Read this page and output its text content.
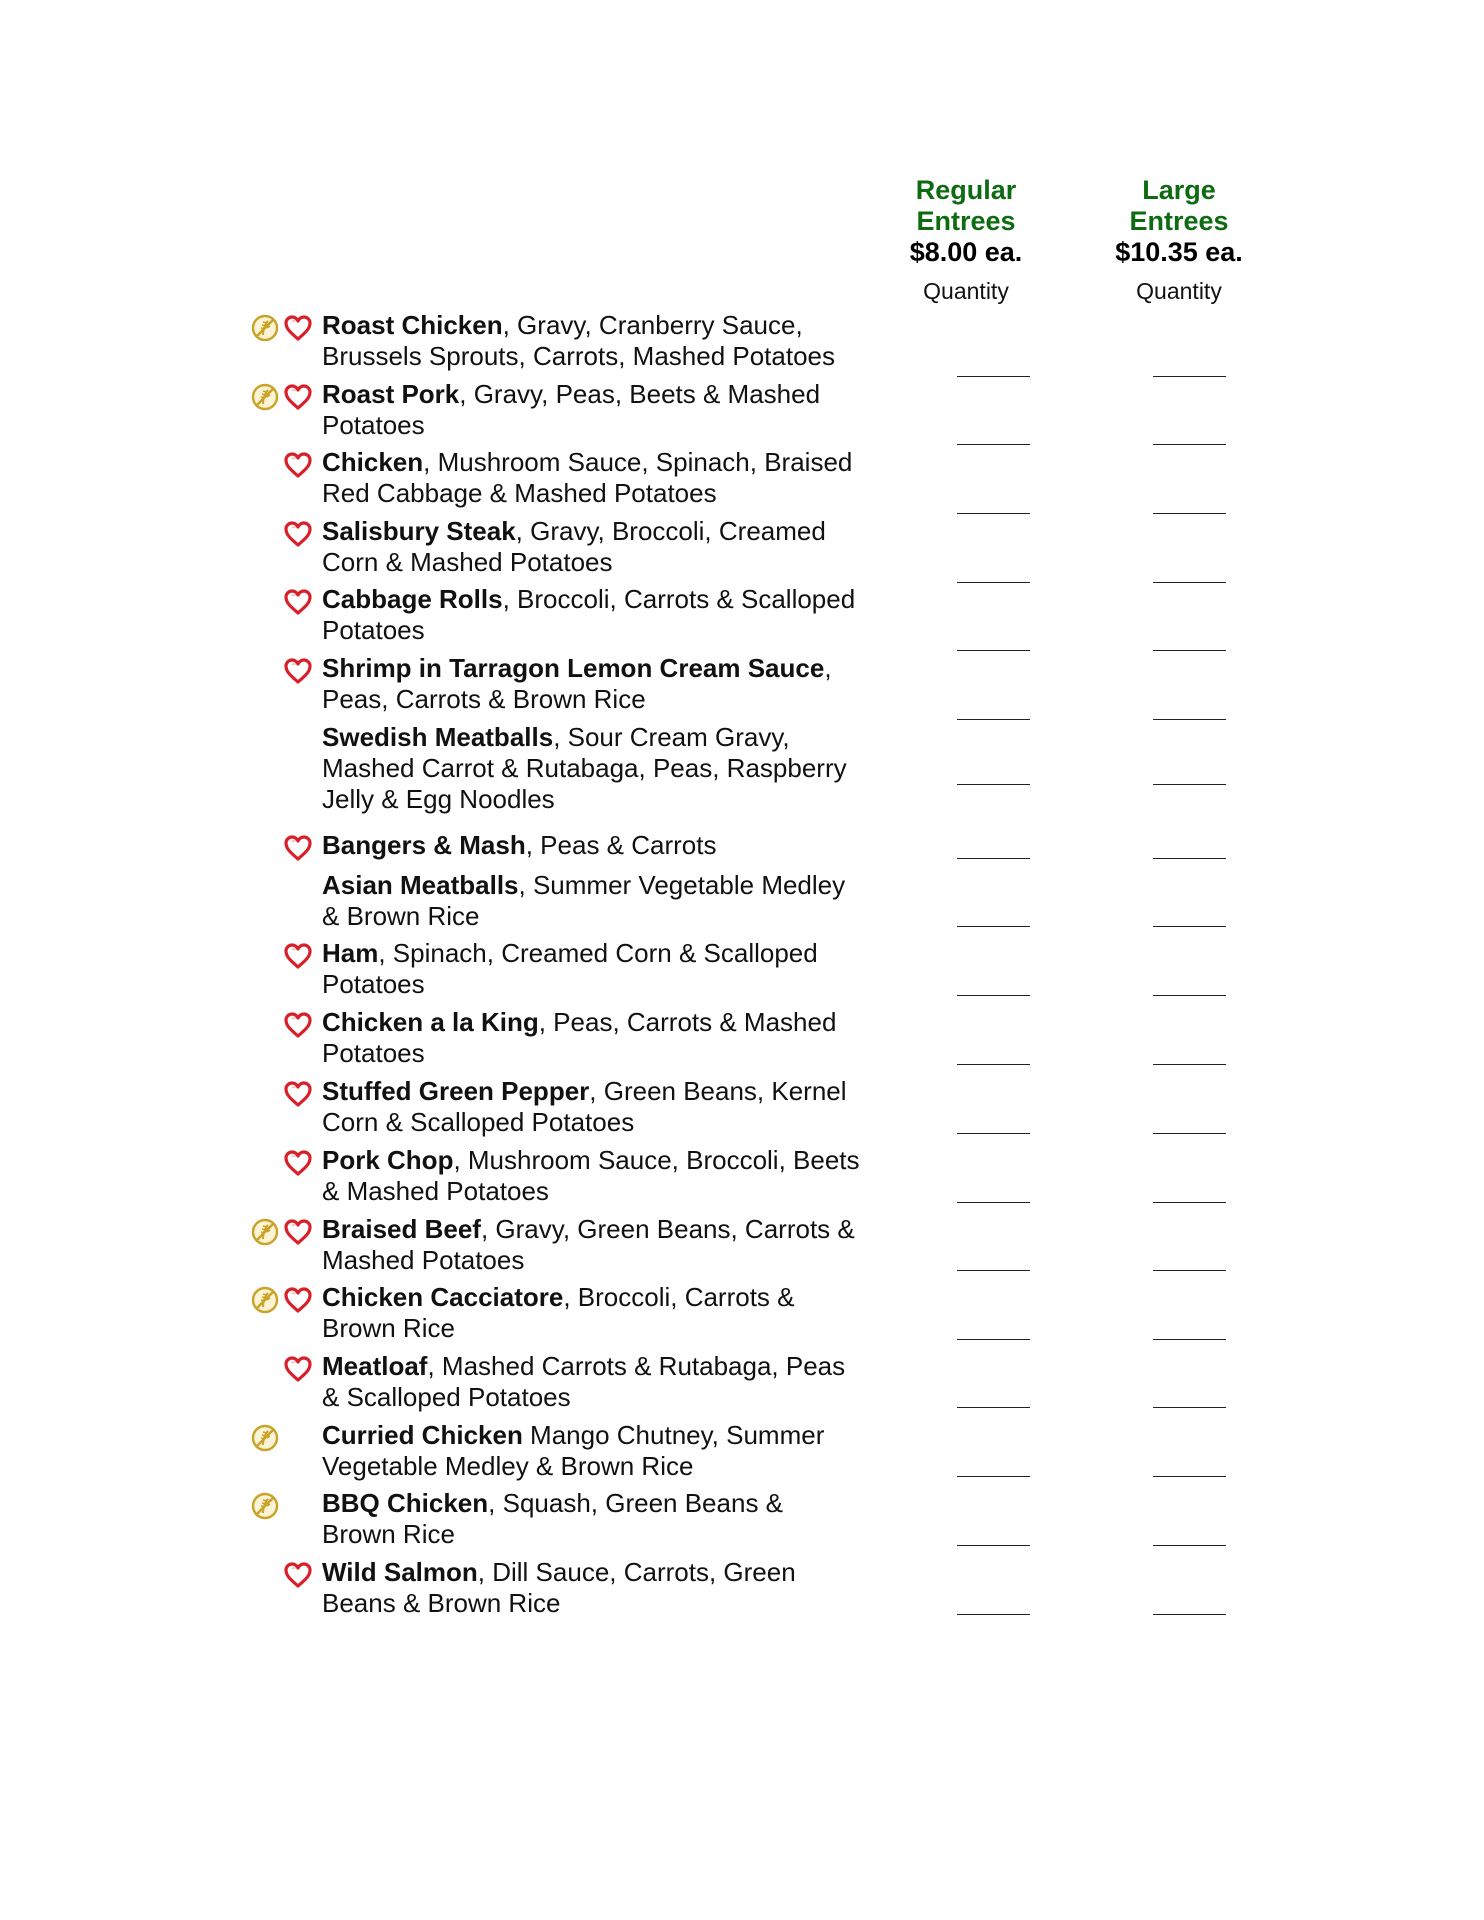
Regular
Entrees
$8.00 ea.
Quantity
Large
Entrees
$10.35 ea.
Quantity

Roast Chicken, Gravy, Cranberry Sauce, Brussels Sprouts, Carrots, Mashed Potatoes

Roast Pork, Gravy, Peas, Beets & Mashed Potatoes

Chicken, Mushroom Sauce, Spinach, Braised Red Cabbage & Mashed Potatoes

Salisbury Steak, Gravy, Broccoli, Creamed Corn & Mashed Potatoes

Cabbage Rolls, Broccoli, Carrots & Scalloped Potatoes

Shrimp in Tarragon Lemon Cream Sauce, Peas, Carrots & Brown Rice

Swedish Meatballs, Sour Cream Gravy, Mashed Carrot & Rutabaga, Peas, Raspberry Jelly & Egg Noodles

Bangers & Mash, Peas & Carrots

Asian Meatballs, Summer Vegetable Medley & Brown Rice

Ham, Spinach, Creamed Corn & Scalloped Potatoes

Chicken a la King, Peas, Carrots & Mashed Potatoes

Stuffed Green Pepper, Green Beans, Kernel Corn & Scalloped Potatoes

Pork Chop, Mushroom Sauce, Broccoli, Beets & Mashed Potatoes

Braised Beef, Gravy, Green Beans, Carrots & Mashed Potatoes

Chicken Cacciatore, Broccoli, Carrots & Brown Rice

Meatloaf, Mashed Carrots & Rutabaga, Peas & Scalloped Potatoes

Curried Chicken Mango Chutney, Summer Vegetable Medley & Brown Rice

BBQ Chicken, Squash, Green Beans & Brown Rice

Wild Salmon, Dill Sauce, Carrots, Green Beans & Brown Rice
